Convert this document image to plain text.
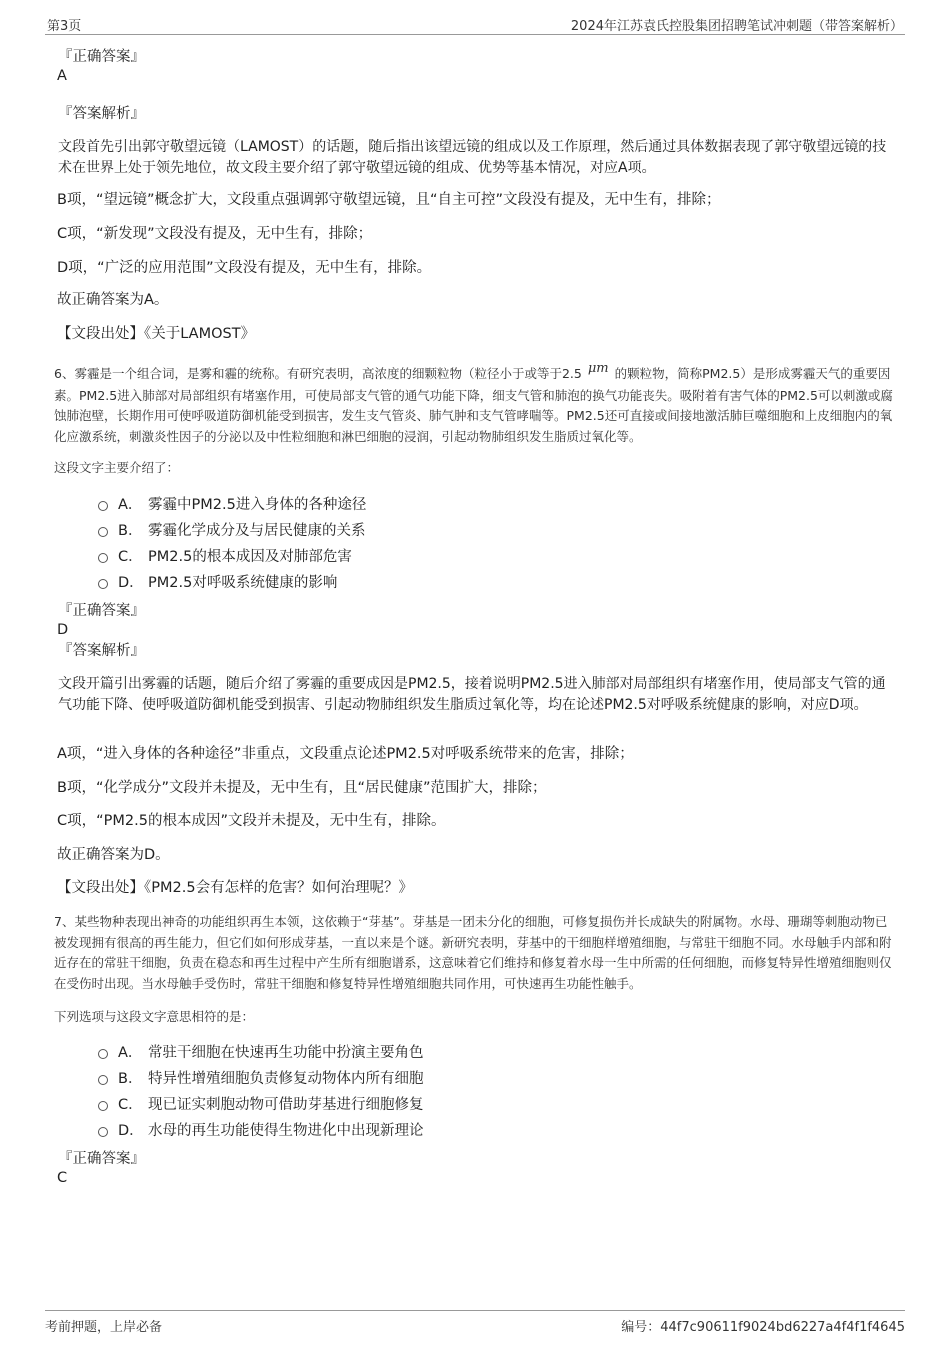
第3页	2024年江苏袁氏控股集团招聘笔试冲刺题（带答案解析）
『正确答案』
A
『答案解析』
文段首先引出郭守敬望远镜（LAMOST）的话题，随后指出该望远镜的组成以及工作原理，然后通过具体数据表现了郭守敬望远镜的技术在世界上处于领先地位，故文段主要介绍了郭守敬望远镜的组成、优势等基本情况，对应A项。
B项，“望远镜”概念扩大，文段重点强调郭守敬望远镜，且“自主可控”文段没有提及，无中生有，排除；
C项，“新发现”文段没有提及，无中生有，排除；
D项，“广泛的应用范围”文段没有提及，无中生有，排除。
故正确答案为A。
【文段出处】《关于LAMOST》
6、雾霾是一个组合词，是雾和霾的统称。有研究表明，高浓度的细颗粒物（粒径小于或等于2.5 μm 的颗粒物，简称PM2.5）是形成雾霾天气的重要因素。PM2.5进入肺部对局部组织有堵塞作用，可使局部支气管的通气功能下降，细支气管和肺泡的换气功能丧失。吸附着有害气体的PM2.5可以刺激或腐蚀肺泡壁，长期作用可使呼吸道防御机能受到损害，发生支气管炎、肺气肿和支气管哮喘等。PM2.5还可直接或间接地激活肺巨噬细胞和上皮细胞内的氧化应激系统，刺激炎性因子的分泌以及中性粒细胞和淋巴细胞的浸润，引起动物肺组织发生脂质过氧化等。
这段文字主要介绍了：
A． 雾霾中PM2.5进入身体的各种途径
B． 雾霾化学成分及与居民健康的关系
C． PM2.5的根本成因及对肺部危害
D． PM2.5对呼吸系统健康的影响
『正确答案』
D
『答案解析』
文段开篇引出雾霾的话题，随后介绍了雾霾的重要成因是PM2.5，接着说明PM2.5进入肺部对局部组织有堵塞作用，使局部支气管的通气功能下降、使呼吸道防御机能受到损害、引起动物肺组织发生脂质过氧化等，均在论述PM2.5对呼吸系统健康的影响，对应D项。
A项，“进入身体的各种途径”非重点，文段重点论述PM2.5对呼吸系统带来的危害，排除；
B项，“化学成分”文段并未提及，无中生有，且“居民健康”范围扩大，排除；
C项，“PM2.5的根本成因”文段并未提及，无中生有，排除。
故正确答案为D。
【文段出处】《PM2.5会有怎样的危害？如何治理呢？》
7、某些物种表现出神奇的功能组织再生本领，这依赖于“芽基”。芽基是一团未分化的细胞，可修复损伤并长成缺失的附属物。水母、珊瑚等刺胞动物已被发现拥有很高的再生能力，但它们如何形成芽基，一直以来是个谜。新研究表明，芽基中的干细胞样增殖细胞，与常驻干细胞不同。水母触手内部和附近存在的常驻干细胞，负责在稳态和再生过程中产生所有细胞谱系，这意味着它们维持和修复着水母一生中所需的任何细胞，而修复特异性增殖细胞则仅在受伤时出现。当水母触手受伤时，常驻干细胞和修复特异性增殖细胞共同作用，可快速再生功能性触手。
下列选项与这段文字意思相符的是：
A． 常驻干细胞在快速再生功能中扮演主要角色
B． 特异性增殖细胞负责修复动物体内所有细胞
C． 现已证实刺胞动物可借助芽基进行细胞修复
D． 水母的再生功能使得生物进化中出现新理论
『正确答案』
C
考前押题，上岸必备	编号：44f7c90611f9024bd6227a4f4f1f4645
